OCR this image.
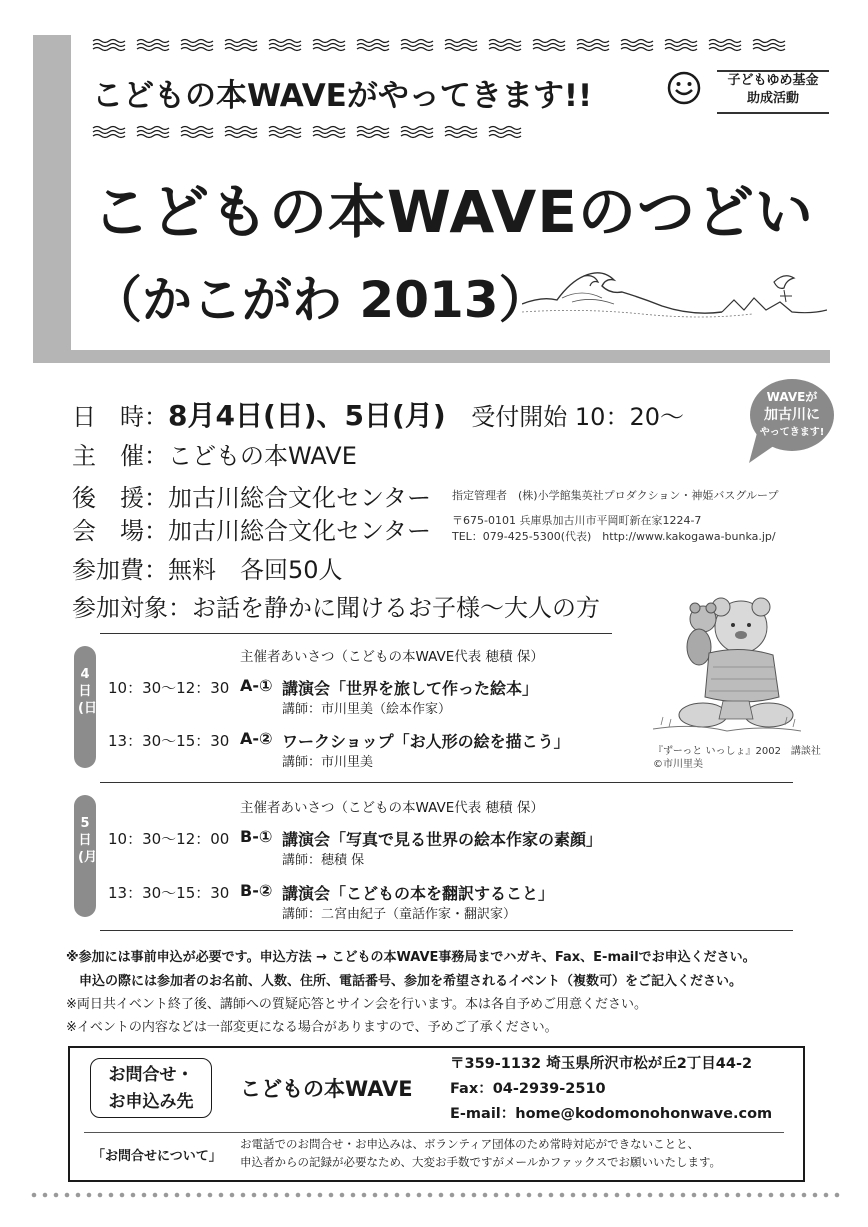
こどもの本WAVEがやってきます!!	子どもゆめ基金
助成活動
こどもの本WAVEのつどい
（かこがわ 2013）
WAVEが
加古川に
やってきます!
日　時：8月4日(日)、5日(月) 受付開始 10：20〜
主　催：こどもの本WAVE
後　援：加古川総合文化センター 指定管理者　(株)小学館集英社プロダクション・神姫バスグループ
会　場：加古川総合文化センター 〒675-0101 兵庫県加古川市平岡町新在家1224-7
TEL：079-425-5300(代表)　http://www.kakogawa-bunka.jp/
参加費：無料　各回50人
参加対象：お話を静かに聞けるお子様〜大人の方
4日(日)
主催者あいさつ（こどもの本WAVE代表 穂積 保）
10：30〜12：30 A-① 講演会「世界を旅して作った絵本」
講師：市川里美（絵本作家）
13：30〜15：30 A-② ワークショップ「お人形の絵を描こう」
講師：市川里美
5日(月)
主催者あいさつ（こどもの本WAVE代表 穂積 保）
10：30〜12：00 B-① 講演会「写真で見る世界の絵本作家の素顔」
講師：穂積 保
13：30〜15：30 B-② 講演会「こどもの本を翻訳すること」
講師：二宮由紀子（童話作家・翻訳家）
『ずーっと いっしょ』2002　講談社
©市川里美
※参加には事前申込が必要です。申込方法 → こどもの本WAVE事務局までハガキ、Fax、E-mailでお申込ください。
　申込の際には参加者のお名前、人数、住所、電話番号、参加を希望されるイベント（複数可）をご記入ください。
※両日共イベント終了後、講師への質疑応答とサイン会を行います。本は各自予めご用意ください。
※イベントの内容などは一部変更になる場合がありますので、予めご了承ください。
お問合せ・
お申込み先
こどもの本WAVE
〒359-1132 埼玉県所沢市松が丘2丁目44-2
Fax：04-2939-2510
E-mail：home@kodomonohonwave.com
「お問合せについて」
お電話でのお問合せ・お申込みは、ボランティア団体のため常時対応ができないことと、
申込者からの記録が必要なため、大変お手数ですがメールかファックスでお願いいたします。
